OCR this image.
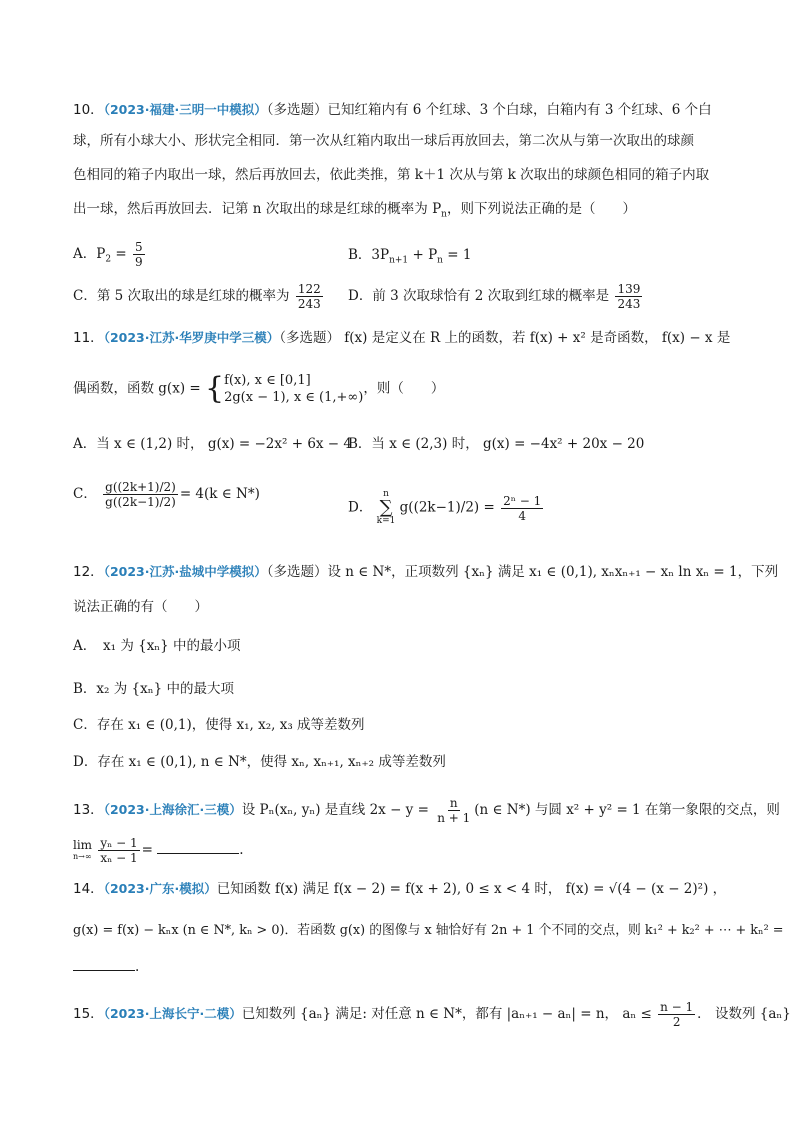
10．（2023·福建·三明一中模拟）（多选题）已知红箱内有 6 个红球、3 个白球，白箱内有 3 个红球、6 个白
球，所有小球大小、形状完全相同．第一次从红箱内取出一球后再放回去，第二次从与第一次取出的球颜
色相同的箱子内取出一球，然后再放回去，依此类推，第 k＋1 次从与第 k 次取出的球颜色相同的箱子内取
出一球，然后再放回去．记第 n 次取出的球是红球的概率为 $P_n$，则下列说法正确的是（　　）
A．$P_2 = \frac{5}{9}$	B．$3P_{n+1} + P_n = 1$
C．第 5 次取出的球是红球的概率为 $\frac{122}{243}$ D．前 3 次取球恰有 2 次取到红球的概率是 $\frac{139}{243}$
11．（2023·江苏·华罗庚中学三模）（多选题） f(x) 是定义在 R 上的函数，若 f(x) + x² 是奇函数， f(x) − x 是
偶函数，函数 g(x) = { f(x), x ∈ [0,1]
2g(x − 1), x ∈ (1,+∞)
，则（　　）
A．当 x ∈ (1,2) 时， g(x) = −2x² + 6x − 4
B．当 x ∈ (2,3) 时， g(x) = −4x² + 20x − 20
C． $\frac{g((2k+1)/2)}{g((2k-1)/2)} = 4(k$ ∈ N*)
D．
n
∑
k=1
$g((2k-1)/2) = \frac{\text{2ⁿ − 1}}{4}$
12．（2023·江苏·盐城中学模拟）（多选题）设 n ∈ N*，正项数列 {xₙ} 满足 x₁ ∈ (0,1), xₙxₙ₊₁ − xₙ ln xₙ = 1，下列
说法正确的有（　　）
A．　x₁ 为 {xₙ} 中的最小项
B．x₂ 为 {xₙ} 中的最大项
C．存在 x₁ ∈ (0,1)，使得 x₁, x₂, x₃ 成等差数列
D．存在 x₁ ∈ (0,1), n ∈ N*，使得 xₙ, xₙ₊₁, xₙ₊₂ 成等差数列
13．（2023·上海徐汇·三模）设 Pₙ(xₙ, yₙ) 是直线 $2x - y = \frac{n}{n + 1} (n$ ∈ N*) 与圆 x² + y² = 1 在第一象限的交点，则
lim
n→∞
$\frac{\text{yₙ − 1}}{\text{xₙ − 1}}$ =	.
14．（2023·广东·模拟）已知函数 f(x) 满足 f(x − 2) = f(x + 2), 0 ≤ x < 4 时， f(x) = √(4 − (x − 2)²) ，
g(x) = f(x) − kₙx (n ∈ N*, kₙ > 0)．若函数 g(x) 的图像与 x 轴恰好有 2n + 1 个不同的交点，则 k₁² + k₂² + ⋯ + kₙ² =
.
15．（2023·上海长宁·二模）已知数列 {aₙ} 满足: 对任意 n ∈ N*，都有 |aₙ₊₁ − aₙ| = n， $a_n \le \frac{n - 1}{2}$ ． 设数列 {aₙ}
